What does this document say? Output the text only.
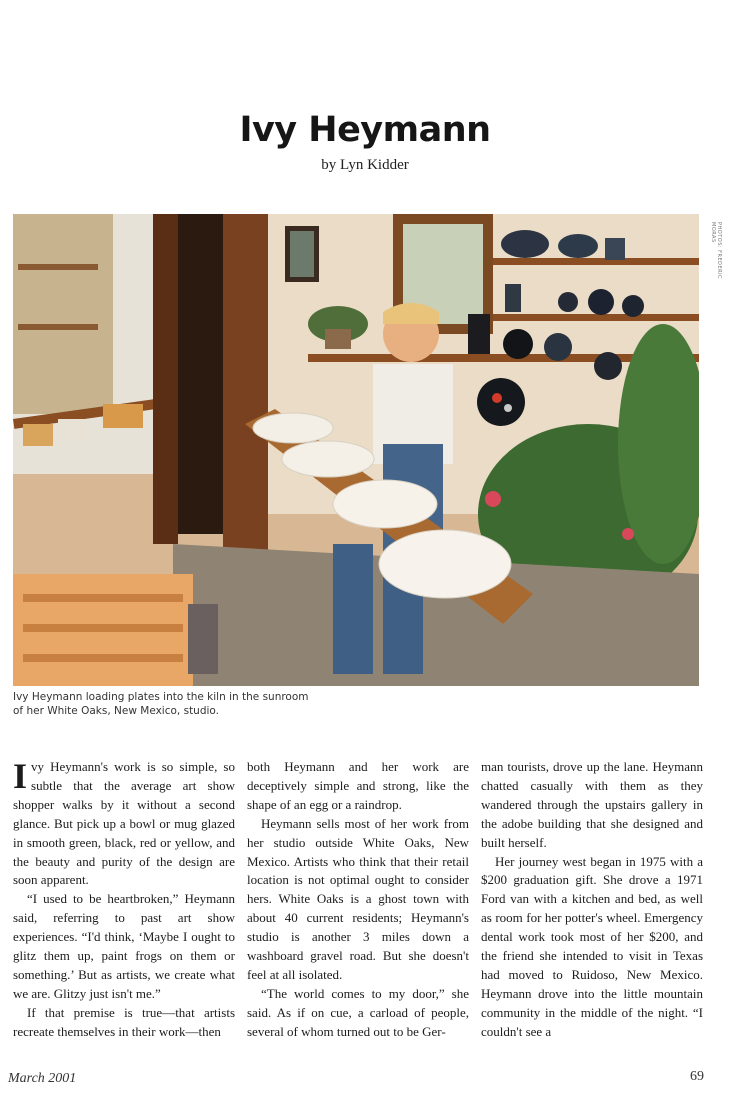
Ivy Heymann
by Lyn Kidder
PHOTOS: FREDERIC MORAS
Ivy Heymann loading plates into the kiln in the sunroom
of her White Oaks, New Mexico, studio.

Ivy Heymann's work is so simple, so subtle that the average art show shopper walks by it without a second glance. But pick up a bowl or mug glazed in smooth green, black, red or yellow, and the beauty and purity of the design are soon apparent.

“I used to be heartbroken,” Heymann said, referring to past art show experiences. “I'd think, ‘Maybe I ought to glitz them up, paint frogs on them or something.’ But as artists, we create what we are. Glitzy just isn't me.”

If that premise is true—that artists recreate themselves in their work—then

both Heymann and her work are deceptively simple and strong, like the shape of an egg or a raindrop.

Heymann sells most of her work from her studio outside White Oaks, New Mexico. Artists who think that their retail location is not optimal ought to consider hers. White Oaks is a ghost town with about 40 current residents; Heymann's studio is another 3 miles down a washboard gravel road. But she doesn't feel at all isolated.

“The world comes to my door,” she said. As if on cue, a carload of people, several of whom turned out to be Ger-

man tourists, drove up the lane. Heymann chatted casually with them as they wandered through the upstairs gallery in the adobe building that she designed and built herself.

Her journey west began in 1975 with a $200 graduation gift. She drove a 1971 Ford van with a kitchen and bed, as well as room for her potter's wheel. Emergency dental work took most of her $200, and the friend she intended to visit in Texas had moved to Ruidoso, New Mexico. Heymann drove into the little mountain community in the middle of the night. “I couldn't see a

March 2001	69
